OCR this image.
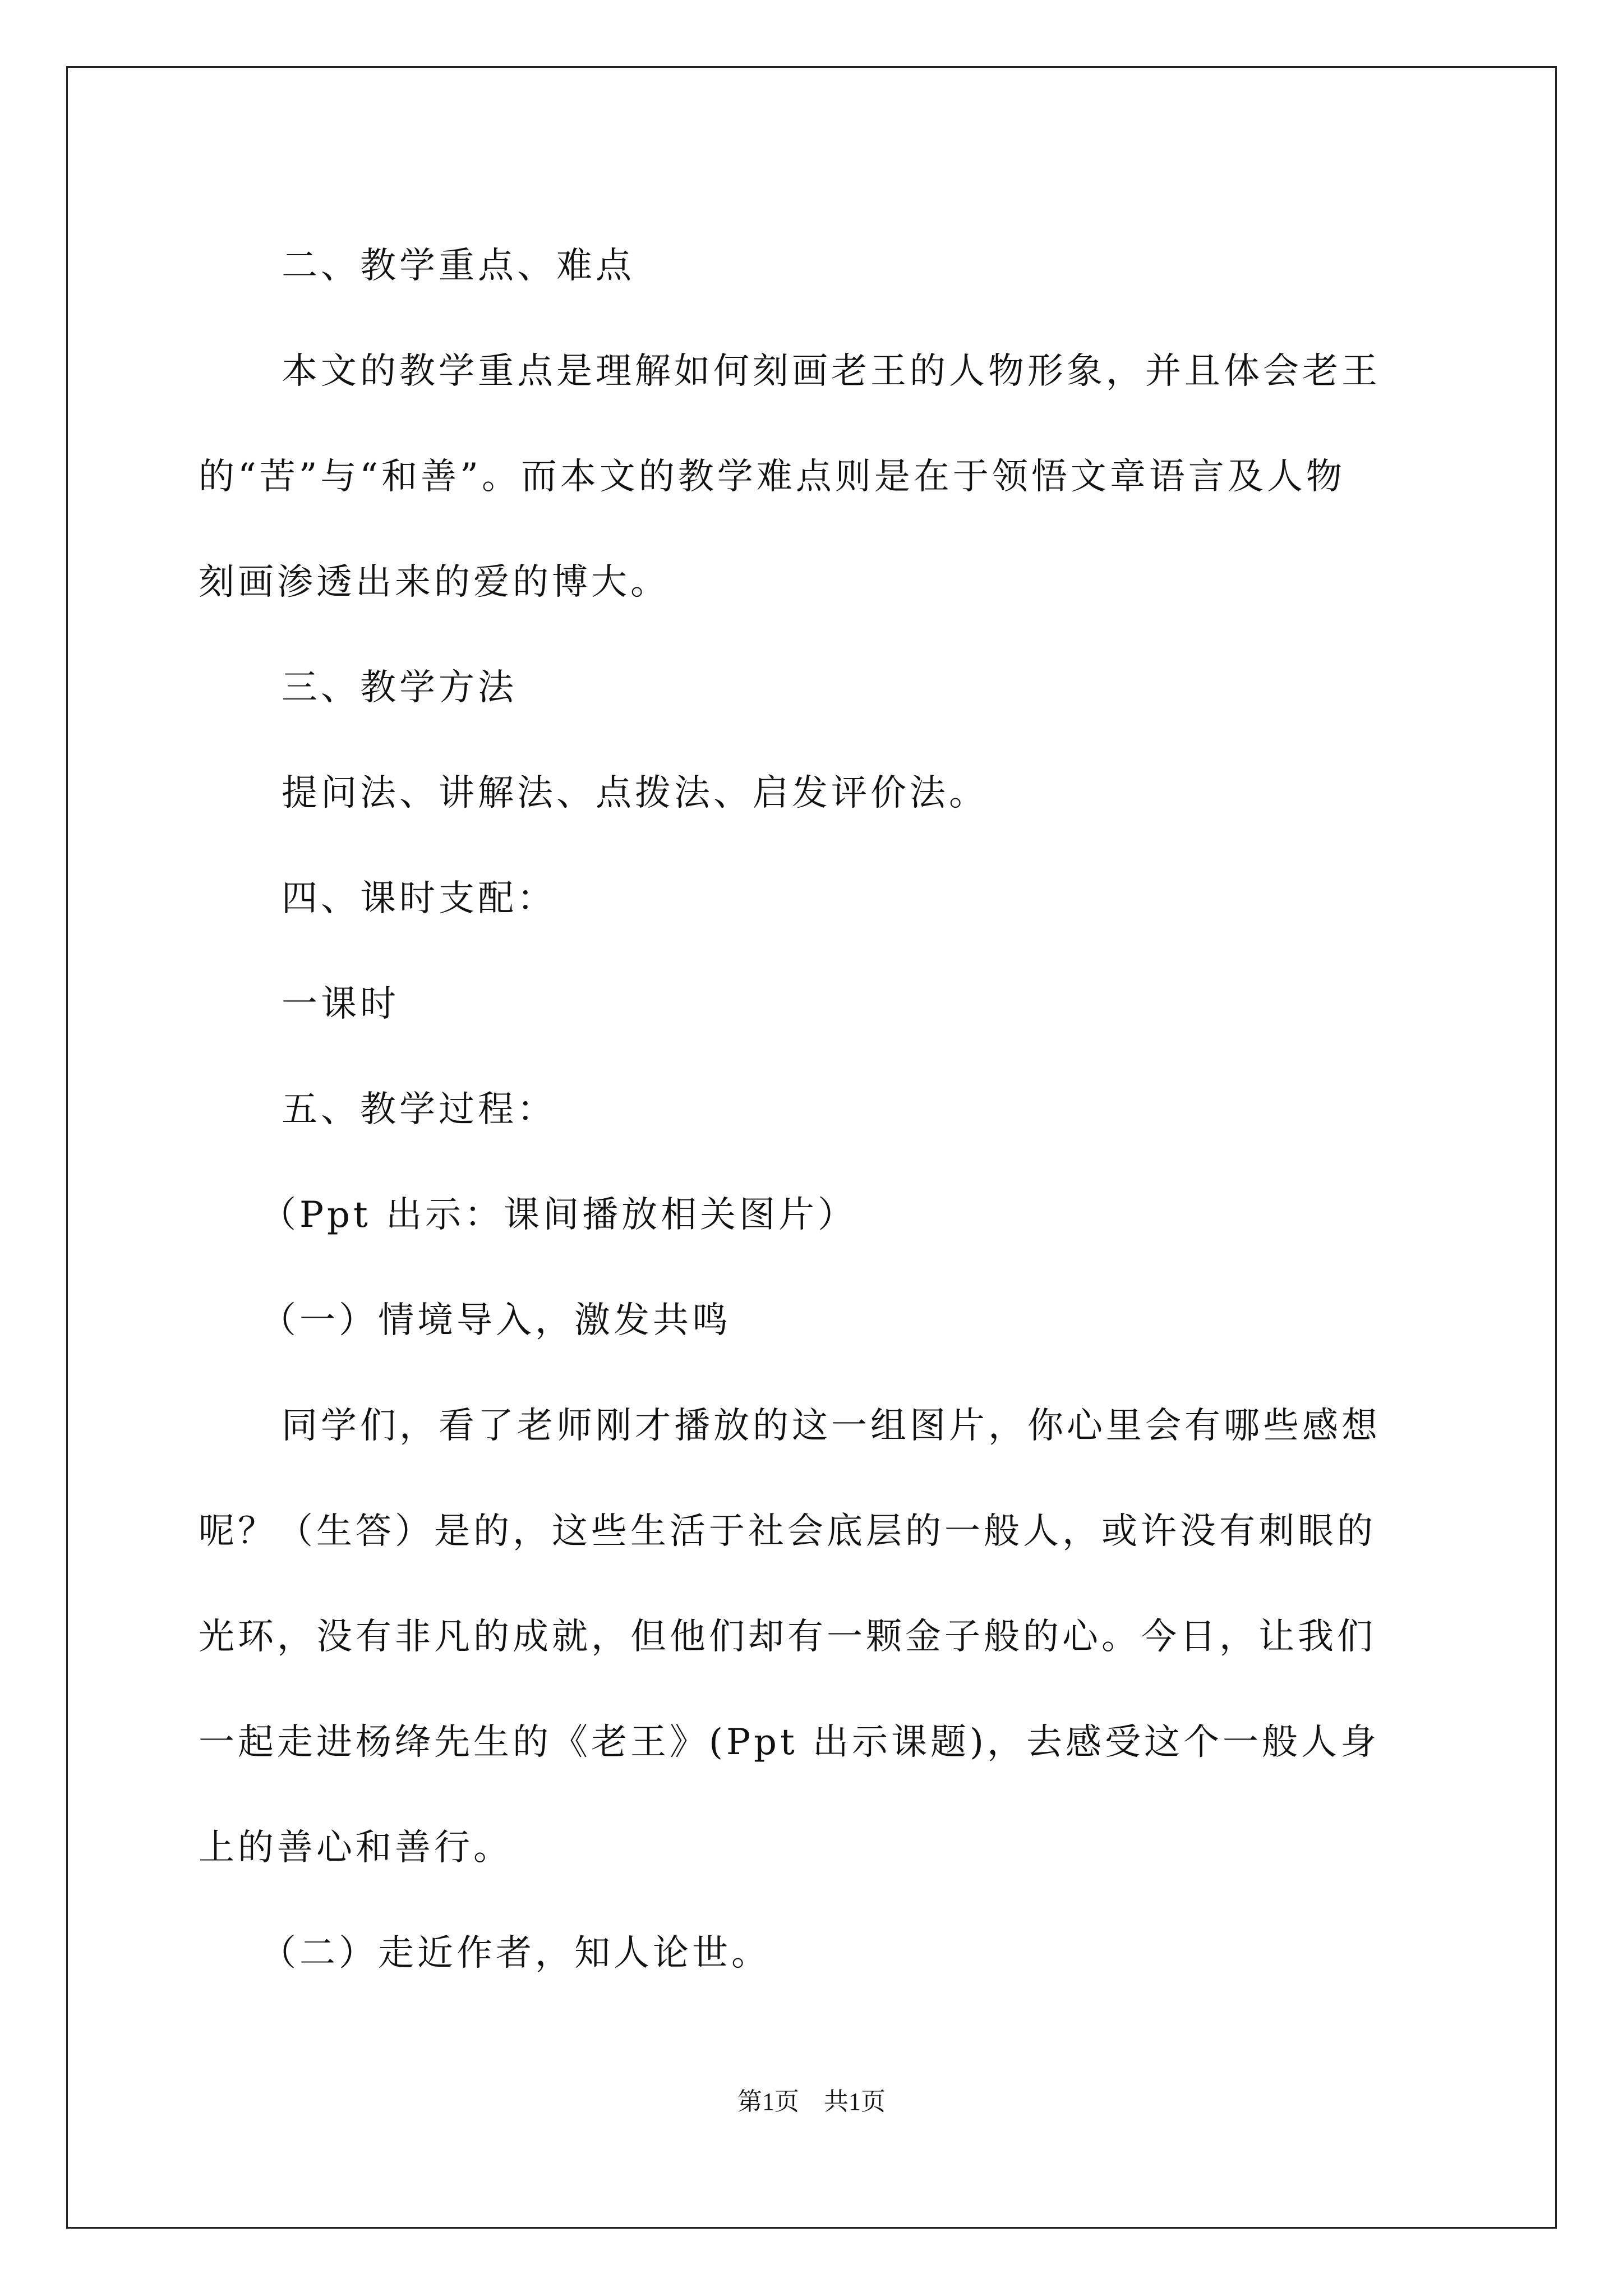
二、教学重点、难点
本文的教学重点是理解如何刻画老王的人物形象，并且体会老王
的“苦”与“和善”。而本文的教学难点则是在于领悟文章语言及人物
刻画渗透出来的爱的博大。
三、教学方法
提问法、讲解法、点拨法、启发评价法。
四、课时支配：
一课时
五、教学过程：
（Ppt 出示：课间播放相关图片）
（一）情境导入，激发共鸣
同学们，看了老师刚才播放的这一组图片，你心里会有哪些感想
呢？（生答）是的，这些生活于社会底层的一般人，或许没有刺眼的
光环，没有非凡的成就，但他们却有一颗金子般的心。今日，让我们
一起走进杨绛先生的《老王》(Ppt 出示课题)，去感受这个一般人身
上的善心和善行。
（二）走近作者，知人论世。
第1页　共1页
